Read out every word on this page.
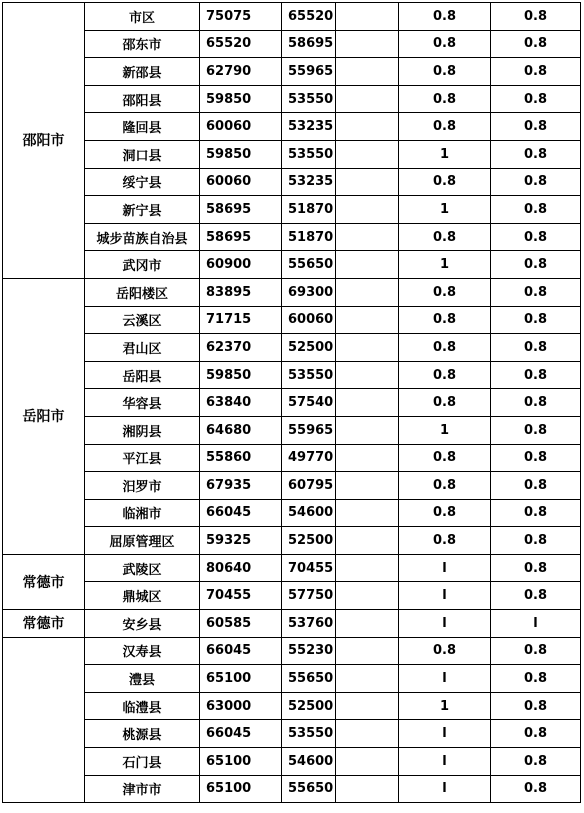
邵阳市	市区	75075	65520		0.8	0.8
	邵东市	65520	58695		0.8	0.8
	新邵县	62790	55965		0.8	0.8
	邵阳县	59850	53550		0.8	0.8
	隆回县	60060	53235		0.8	0.8
	洞口县	59850	53550		1	0.8
	绥宁县	60060	53235		0.8	0.8
	新宁县	58695	51870		1	0.8
	城步苗族自治县	58695	51870		0.8	0.8
	武冈市	60900	55650		1	0.8
岳阳市	岳阳楼区	83895	69300		0.8	0.8
	云溪区	71715	60060		0.8	0.8
	君山区	62370	52500		0.8	0.8
	岳阳县	59850	53550		0.8	0.8
	华容县	63840	57540		0.8	0.8
	湘阴县	64680	55965		1	0.8
	平江县	55860	49770		0.8	0.8
	汨罗市	67935	60795		0.8	0.8
	临湘市	66045	54600		0.8	0.8
	屈原管理区	59325	52500		0.8	0.8
常德市	武陵区	80640	70455		l	0.8
	鼎城区	70455	57750		l	0.8
常德市	安乡县	60585	53760		l	l
	汉寿县	66045	55230		0.8	0.8
	澧县	65100	55650		l	0.8
	临澧县	63000	52500		1	0.8
	桃源县	66045	53550		l	0.8
	石门县	65100	54600		l	0.8
	津市市	65100	55650		l	0.8
